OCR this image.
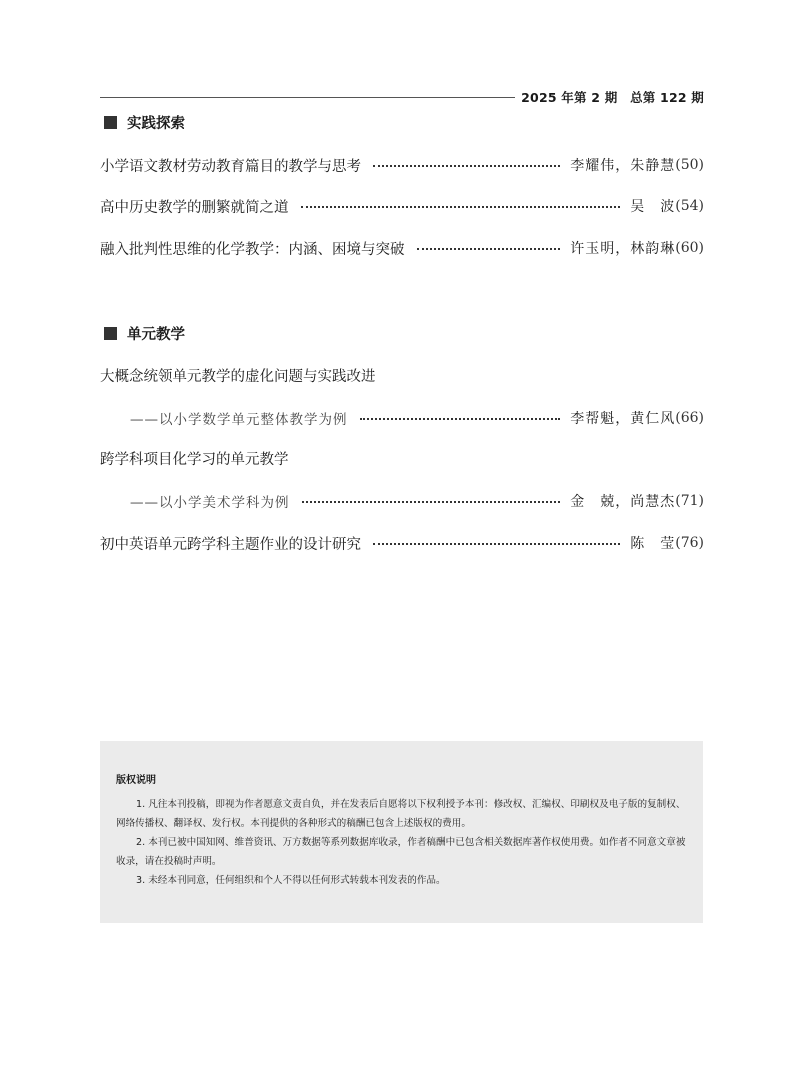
2025 年第 2 期　总第 122 期
实践探索
小学语文教材劳动教育篇目的教学与思考	李耀伟，朱静慧 (50)
高中历史教学的删繁就简之道	吴　波 (54)
融入批判性思维的化学教学：内涵、困境与突破	许玉明，林韵琳 (60)
单元教学
大概念统领单元教学的虚化问题与实践改进
——以小学数学单元整体教学为例	李帮魁，黄仁风 (66)
跨学科项目化学习的单元教学
——以小学美术学科为例	金　兢，尚慧杰 (71)
初中英语单元跨学科主题作业的设计研究	陈　莹 (76)
版权说明

1. 凡往本刊投稿，即视为作者愿意文责自负，并在发表后自愿将以下权利授予本刊：修改权、汇编权、印刷权及电子版的复制权、网络传播权、翻译权、发行权。本刊提供的各种形式的稿酬已包含上述版权的费用。

2. 本刊已被中国知网、维普资讯、万方数据等系列数据库收录，作者稿酬中已包含相关数据库著作权使用费。如作者不同意文章被收录，请在投稿时声明。

3. 未经本刊同意，任何组织和个人不得以任何形式转载本刊发表的作品。
